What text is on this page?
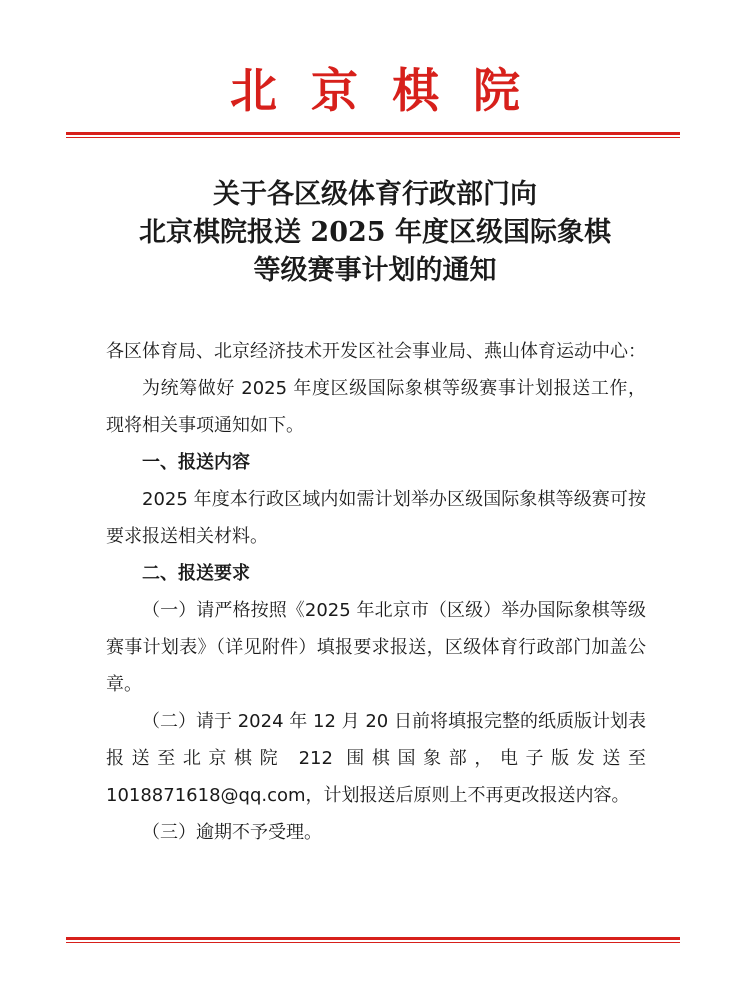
北京棋院
关于各区级体育行政部门向
北京棋院报送 2025 年度区级国际象棋
等级赛事计划的通知

各区体育局、北京经济技术开发区社会事业局、燕山体育运动中心：

为统筹做好 2025 年度区级国际象棋等级赛事计划报送工作，现将相关事项通知如下。

一、报送内容

2025 年度本行政区域内如需计划举办区级国际象棋等级赛可按要求报送相关材料。

二、报送要求

（一）请严格按照《2025 年北京市（区级）举办国际象棋等级赛事计划表》（详见附件）填报要求报送，区级体育行政部门加盖公章。

（二）请于 2024 年 12 月 20 日前将填报完整的纸质版计划表报送至北京棋院 212 围棋国象部，电子版发送至 1018871618@qq.com，计划报送后原则上不再更改报送内容。

（三）逾期不予受理。
